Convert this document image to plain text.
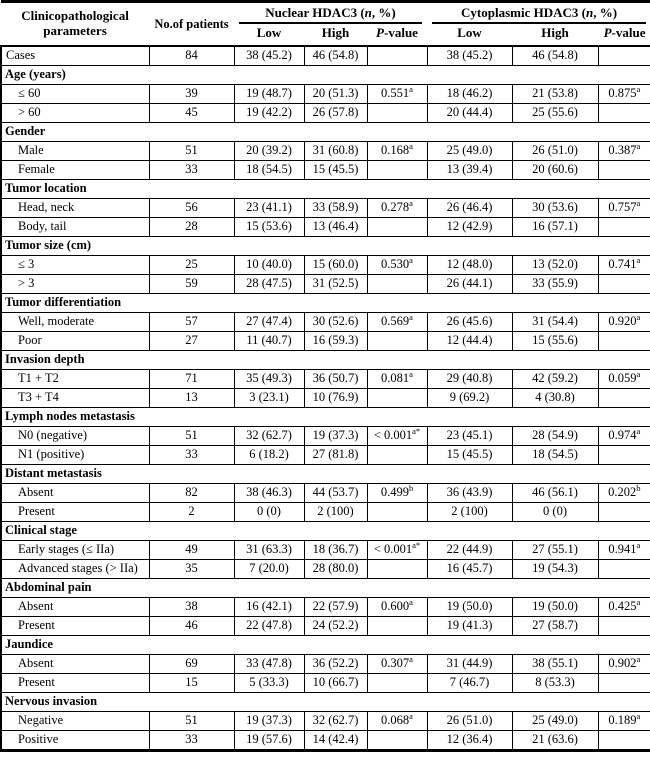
Clinicopathological parameters	No.of patients	Nuclear HDAC3 (n, %)			Cytoplasmic HDAC3 (n, %)		

		Low	High	P-value	Low	High	P-value
Cases	84	38 (45.2)	46 (54.8)		38 (45.2)	46 (54.8)	
Age (years)							
≤ 60	39	19 (48.7)	20 (51.3)	0.551$^a$	18 (46.2)	21 (53.8)	0.875$^a$
> 60	45	19 (42.2)	26 (57.8)		20 (44.4)	25 (55.6)	
Gender							
Male	51	20 (39.2)	31 (60.8)	0.168$^a$	25 (49.0)	26 (51.0)	0.387$^a$
Female	33	18 (54.5)	15 (45.5)		13 (39.4)	20 (60.6)	
Tumor location							
Head, neck	56	23 (41.1)	33 (58.9)	0.278$^a$	26 (46.4)	30 (53.6)	0.757$^a$
Body, tail	28	15 (53.6)	13 (46.4)		12 (42.9)	16 (57.1)	
Tumor size (cm)							
≤ 3	25	10 (40.0)	15 (60.0)	0.530$^a$	12 (48.0)	13 (52.0)	0.741$^a$
> 3	59	28 (47.5)	31 (52.5)		26 (44.1)	33 (55.9)	
Tumor differentiation							
Well, moderate	57	27 (47.4)	30 (52.6)	0.569$^a$	26 (45.6)	31 (54.4)	0.920$^a$
Poor	27	11 (40.7)	16 (59.3)		12 (44.4)	15 (55.6)	
Invasion depth							
T1 + T2	71	35 (49.3)	36 (50.7)	0.081$^a$	29 (40.8)	42 (59.2)	0.059$^a$
T3 + T4	13	3 (23.1)	10 (76.9)		9 (69.2)	4 (30.8)	
Lymph nodes metastasis							
N0 (negative)	51	32 (62.7)	19 (37.3)	< $0.001^{a*}$	23 (45.1)	28 (54.9)	0.974$^a$
N1 (positive)	33	6 (18.2)	27 (81.8)		15 (45.5)	18 (54.5)	
Distant metastasis							
Absent	82	38 (46.3)	44 (53.7)	0.499$^b$	36 (43.9)	46 (56.1)	0.202$^b$
Present	2	0 (0)	2 (100)		2 (100)	0 (0)	
Clinical stage							
Early stages (≤ IIa)	49	31 (63.3)	18 (36.7)	< $0.001^{a*}$	22 (44.9)	27 (55.1)	0.941$^a$
Advanced stages (> IIa)	35	7 (20.0)	28 (80.0)		16 (45.7)	19 (54.3)	
Abdominal pain							
Absent	38	16 (42.1)	22 (57.9)	0.600$^a$	19 (50.0)	19 (50.0)	0.425$^a$
Present	46	22 (47.8)	24 (52.2)		19 (41.3)	27 (58.7)	
Jaundice							
Absent	69	33 (47.8)	36 (52.2)	0.307$^a$	31 (44.9)	38 (55.1)	0.902$^a$
Present	15	5 (33.3)	10 (66.7)		7 (46.7)	8 (53.3)	
Nervous invasion							
Negative	51	19 (37.3)	32 (62.7)	0.068$^a$	26 (51.0)	25 (49.0)	0.189$^a$
Positive	33	19 (57.6)	14 (42.4)		12 (36.4)	21 (63.6)	
